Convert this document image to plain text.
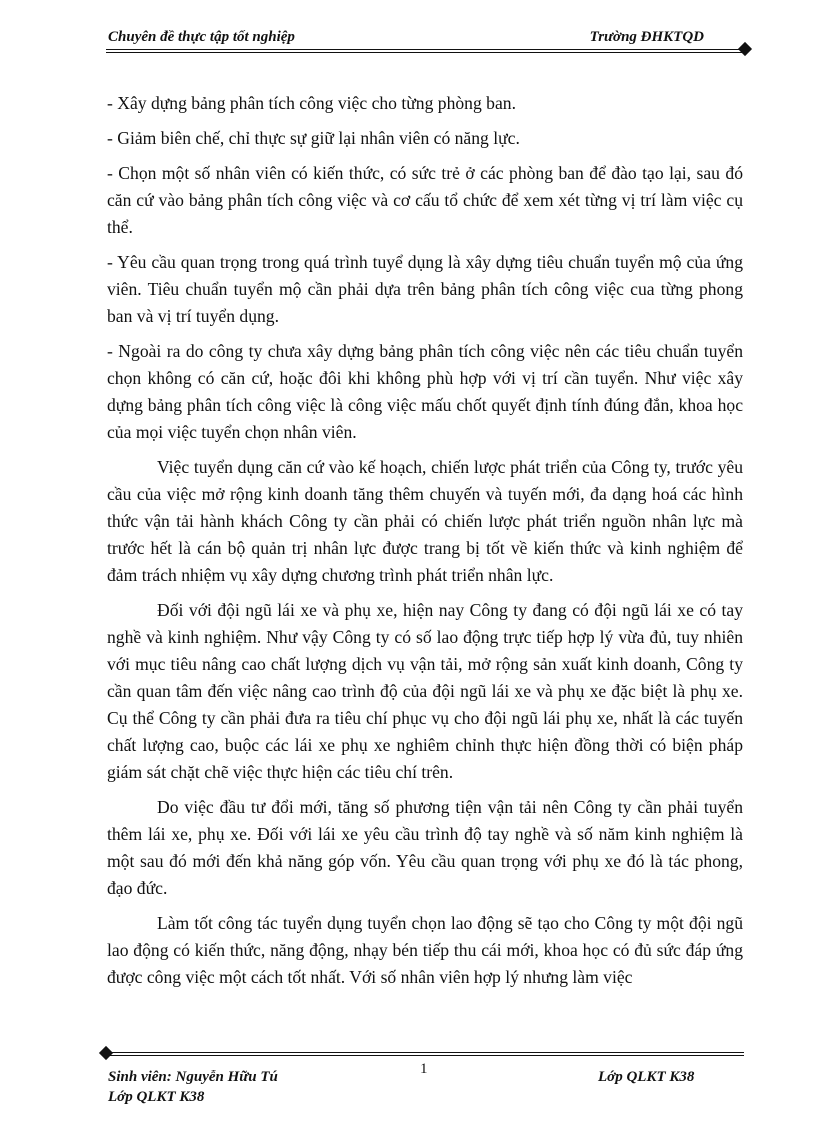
Chuyên đề thực tập tốt nghiệp	Trường ĐHKTQD

- Xây dựng bảng phân tích công việc cho từng phòng ban.

- Giảm biên chế, chỉ thực sự giữ lại nhân viên có năng lực.

- Chọn một số nhân viên có kiến thức, có sức trẻ ở các phòng ban để đào tạo lại, sau đó căn cứ vào bảng phân tích công việc và cơ cấu tổ chức để xem xét từng vị trí làm việc cụ thể.

- Yêu cầu quan trọng trong quá trình tuyể dụng là xây dựng tiêu chuẩn tuyển mộ của ứng viên. Tiêu chuẩn tuyển mộ cần phải dựa trên bảng phân tích công việc cua từng phong ban và vị trí tuyển dụng.

- Ngoài ra do công ty chưa xây dựng bảng phân tích công việc nên các tiêu chuẩn tuyển chọn không có căn cứ, hoặc đôi khi không phù hợp với vị trí cần tuyển. Như việc xây dựng bảng phân tích công việc là công việc mấu chốt quyết định tính đúng đắn, khoa học của mọi việc tuyển chọn nhân viên.

Việc tuyển dụng căn cứ vào kế hoạch, chiến lược phát triển của Công ty, trước yêu cầu của việc mở rộng kinh doanh tăng thêm chuyến và tuyến mới, đa dạng hoá các hình thức vận tải hành khách Công ty cần phải có chiến lược phát triển nguồn nhân lực mà trước hết là cán bộ quản trị nhân lực được trang bị tốt về kiến thức và kinh nghiệm để đảm trách nhiệm vụ xây dựng chương trình phát triển nhân lực.

Đối với đội ngũ lái xe và phụ xe, hiện nay Công ty đang có đội ngũ lái xe có tay nghề và kinh nghiệm. Như vậy Công ty có số lao động trực tiếp hợp lý vừa đủ, tuy nhiên với mục tiêu nâng cao chất lượng dịch vụ vận tải, mở rộng sản xuất kinh doanh, Công ty cần quan tâm đến việc nâng cao trình độ của đội ngũ lái xe và phụ xe đặc biệt là phụ xe. Cụ thể Công ty cần phải đưa ra tiêu chí phục vụ cho đội ngũ lái phụ xe, nhất là các tuyến chất lượng cao, buộc các lái xe phụ xe nghiêm chỉnh thực hiện đồng thời có biện pháp giám sát chặt chẽ việc thực hiện các tiêu chí trên.

Do việc đầu tư đổi mới, tăng số phương tiện vận tải nên Công ty cần phải tuyển thêm lái xe, phụ xe. Đối với lái xe yêu cầu trình độ tay nghề và số năm kinh nghiệm là một sau đó mới đến khả năng góp vốn. Yêu cầu quan trọng với phụ xe đó là tác phong, đạo đức.

Làm tốt công tác tuyển dụng tuyển chọn lao động sẽ tạo cho Công ty một đội ngũ lao động có kiến thức, năng động, nhạy bén tiếp thu cái mới, khoa học có đủ sức đáp ứng được công việc một cách tốt nhất. Với số nhân viên hợp lý nhưng làm việc

1
Sinh viên: Nguyễn Hữu Tú	Lớp QLKT K38
Lớp QLKT K38
